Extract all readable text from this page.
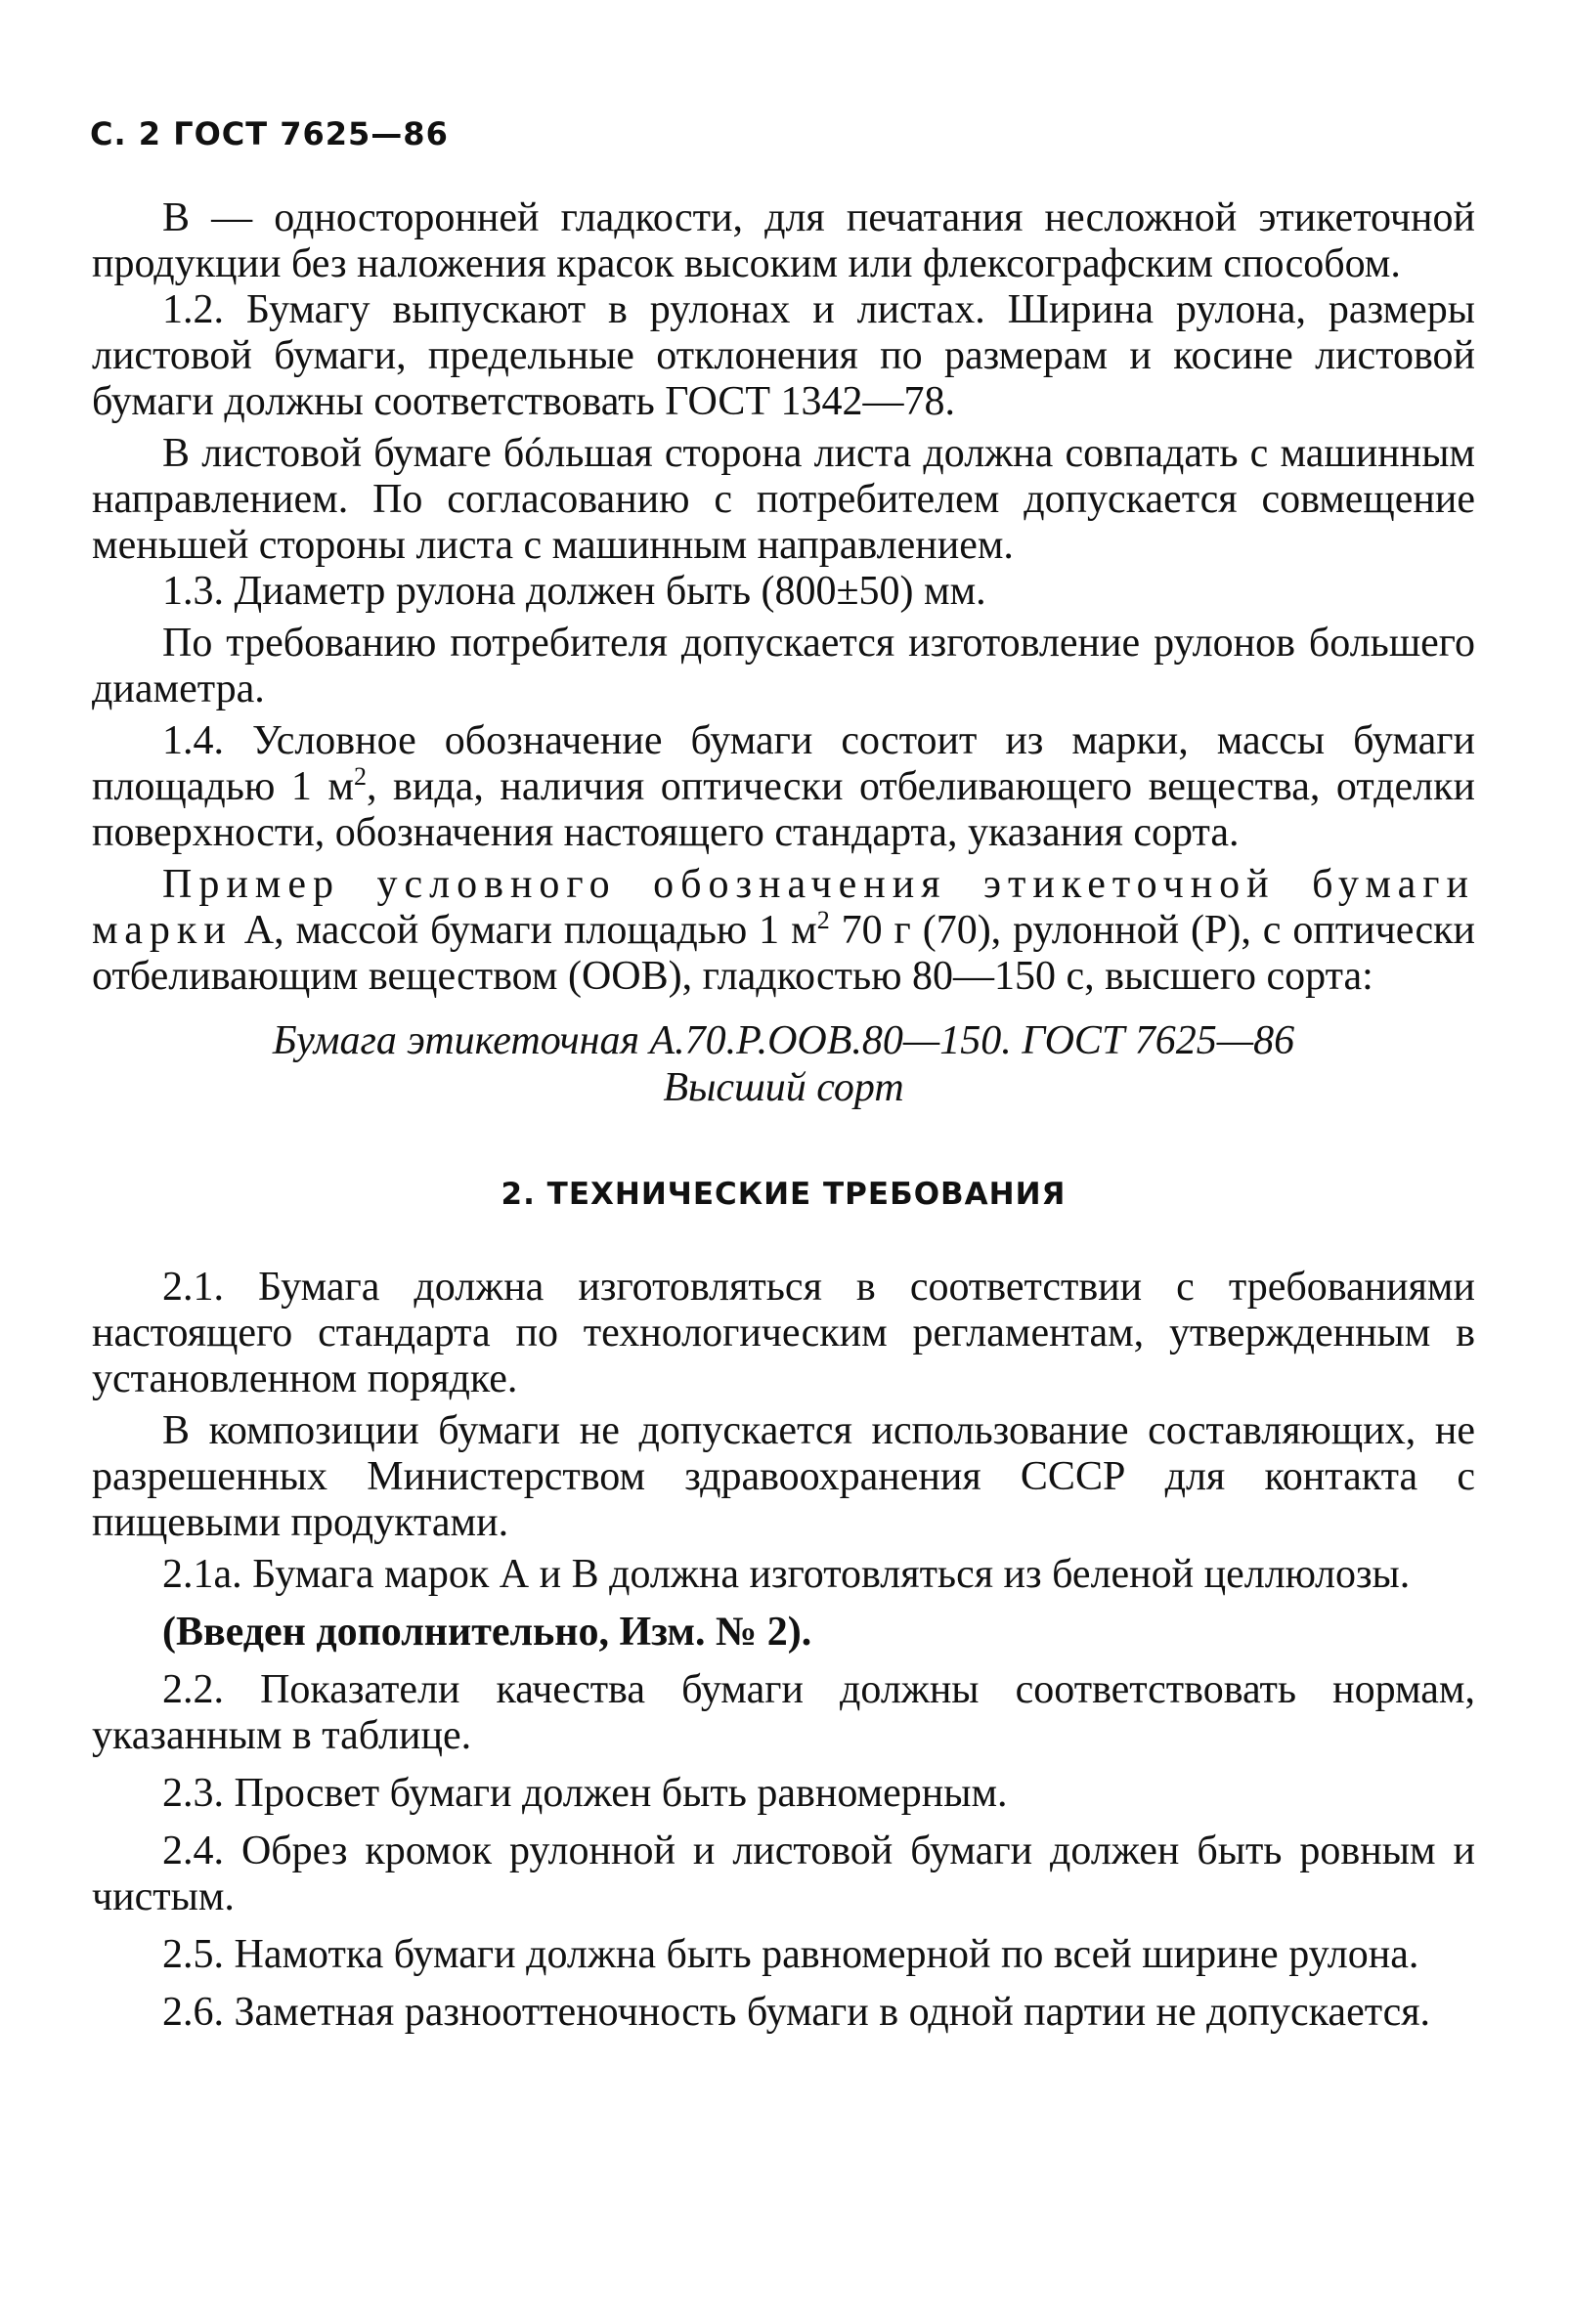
С. 2 ГОСТ 7625—86

В — односторонней гладкости, для печатания несложной этикеточной продукции без наложения красок высоким или флексографским способом.

1.2. Бумагу выпускают в рулонах и листах. Ширина рулона, размеры листовой бумаги, предельные отклонения по размерам и косине листовой бумаги должны соответствовать ГОСТ 1342—78.

В листовой бумаге бóльшая сторона листа должна совпадать с машинным направлением. По согласованию с потребителем допускается совмещение меньшей стороны листа с машинным направлением.

1.3. Диаметр рулона должен быть (800±50) мм.

По требованию потребителя допускается изготовление рулонов большего диаметра.

1.4. Условное обозначение бумаги состоит из марки, массы бумаги площадью 1 $м^2$, вида, наличия оптически отбеливающего вещества, отделки поверхности, обозначения настоящего стандарта, указания сорта.

Пример условного обозначения этикеточной бумаги марки А, массой бумаги площадью 1 $м^2$ 70 г (70), рулонной (Р), с оптически отбеливающим веществом (ООВ), гладкостью 80—150 с, высшего сорта:

Бумага этикеточная А.70.Р.ООВ.80—150. ГОСТ 7625—86
Высший сорт
2. ТЕХНИЧЕСКИЕ ТРЕБОВАНИЯ

2.1. Бумага должна изготовляться в соответствии с требованиями настоящего стандарта по технологическим регламентам, утвержденным в установленном порядке.

В композиции бумаги не допускается использование составляющих, не разрешенных Министерством здравоохранения СССР для контакта с пищевыми продуктами.

2.1а. Бумага марок А и В должна изготовляться из беленой целлюлозы.

(Введен дополнительно, Изм. № 2).

2.2. Показатели качества бумаги должны соответствовать нормам, указанным в таблице.

2.3. Просвет бумаги должен быть равномерным.

2.4. Обрез кромок рулонной и листовой бумаги должен быть ровным и чистым.

2.5. Намотка бумаги должна быть равномерной по всей ширине рулона.

2.6. Заметная разнооттеночность бумаги в одной партии не допускается.
